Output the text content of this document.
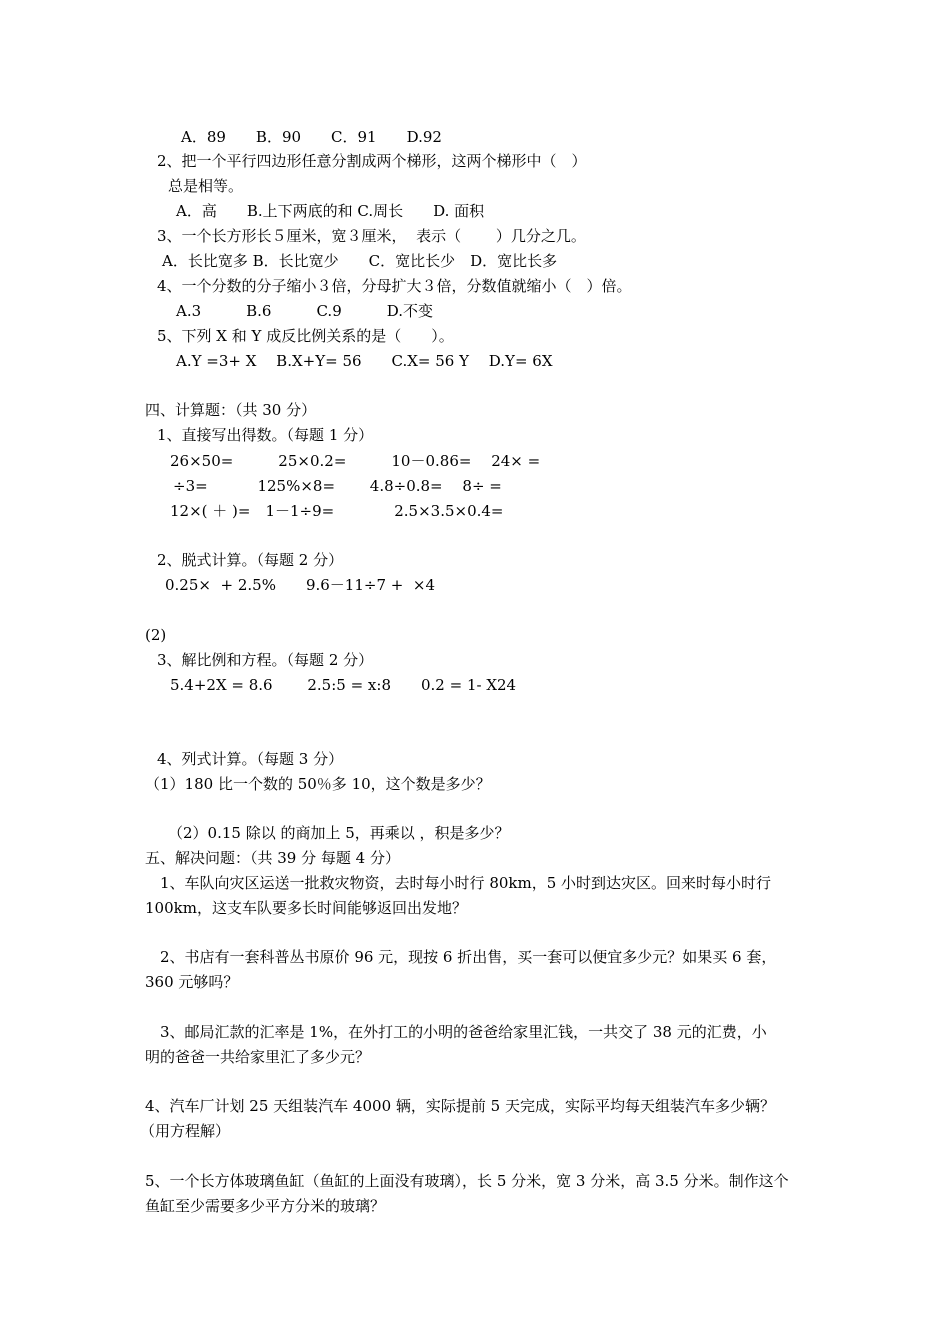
A．89　　B．90　　C．91　　D.92
2、把一个平行四边形任意分割成两个梯形，这两个梯形中（　）
总是相等。
A．高　　B.上下两底的和 C.周长　　D. 面积
3、一个长方形长５厘米，宽３厘米，  表示（　　 ）几分之几。
A．长比宽多 B．长比宽少　　C．宽比长少　D．宽比长多
4、一个分数的分子缩小３倍，分母扩大３倍，分数值就缩小（　）倍。
A.3　　　B.6　　　C.9　　　D.不变
5、下列 X 和 Y 成反比例关系的是（　　）。
A.Y =3+ X　 B.X+Y= 56　　C.X= 56 Y　 D.Y= 6X
四、计算题：（共 30 分）
1、直接写出得数。（每题 1 分）
26×50=　　　25×0.2=　　　10－0.86=　 24× =
÷3=　　　 125%×8=　　 4.8÷0.8=　 8÷ =
12×( ＋ )=　1－1÷9=　　　　2.5×3.5×0.4=
2、脱式计算。（每题 2 分）
0.25×  + 2.5%　　9.6－11÷7 +  ×4
(2)
3、解比例和方程。（每题 2 分）
5.4+2X = 8.6　　 2.5:5 = x:8　　0.2 = 1- X24
4、列式计算。（每题 3 分）
（1）180 比一个数的 50％多 10，这个数是多少？
（2）0.15 除以 的商加上 5，再乘以 ，积是多少？
五、解决问题：（共 39 分 每题 4 分）
1、车队向灾区运送一批救灾物资，去时每小时行 80km，5 小时到达灾区。回来时每小时行
100km，这支车队要多长时间能够返回出发地？
2、书店有一套科普丛书原价 96 元，现按 6 折出售，买一套可以便宜多少元？如果买 6 套，
360 元够吗？
3、邮局汇款的汇率是 1%，在外打工的小明的爸爸给家里汇钱，一共交了 38 元的汇费，小
明的爸爸一共给家里汇了多少元？
4、汽车厂计划 25 天组装汽车 4000 辆，实际提前 5 天完成，实际平均每天组装汽车多少辆？
（用方程解）
5、一个长方体玻璃鱼缸（鱼缸的上面没有玻璃），长 5 分米，宽 3 分米，高 3.5 分米。制作这个
鱼缸至少需要多少平方分米的玻璃？
